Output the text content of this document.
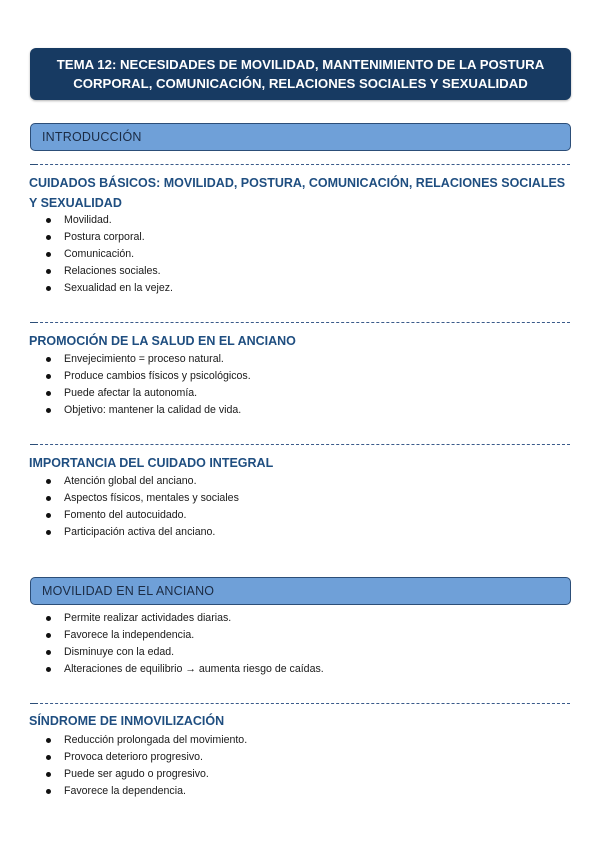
TEMA 12: NECESIDADES DE MOVILIDAD, MANTENIMIENTO DE LA POSTURA
CORPORAL, COMUNICACIÓN, RELACIONES SOCIALES Y SEXUALIDAD
INTRODUCCIÓN
CUIDADOS BÁSICOS: MOVILIDAD, POSTURA, COMUNICACIÓN, RELACIONES SOCIALES Y SEXUALIDAD
Movilidad.
Postura corporal.
Comunicación.
Relaciones sociales.
Sexualidad en la vejez.
PROMOCIÓN DE LA SALUD EN EL ANCIANO
Envejecimiento = proceso natural.
Produce cambios físicos y psicológicos.
Puede afectar la autonomía.
Objetivo: mantener la calidad de vida.
IMPORTANCIA DEL CUIDADO INTEGRAL
Atención global del anciano.
Aspectos físicos, mentales y sociales
Fomento del autocuidado.
Participación activa del anciano.
MOVILIDAD EN EL ANCIANO
Permite realizar actividades diarias.
Favorece la independencia.
Disminuye con la edad.
Alteraciones de equilibrio → aumenta riesgo de caídas.
SÍNDROME DE INMOVILIZACIÓN
Reducción prolongada del movimiento.
Provoca deterioro progresivo.
Puede ser agudo o progresivo.
Favorece la dependencia.
